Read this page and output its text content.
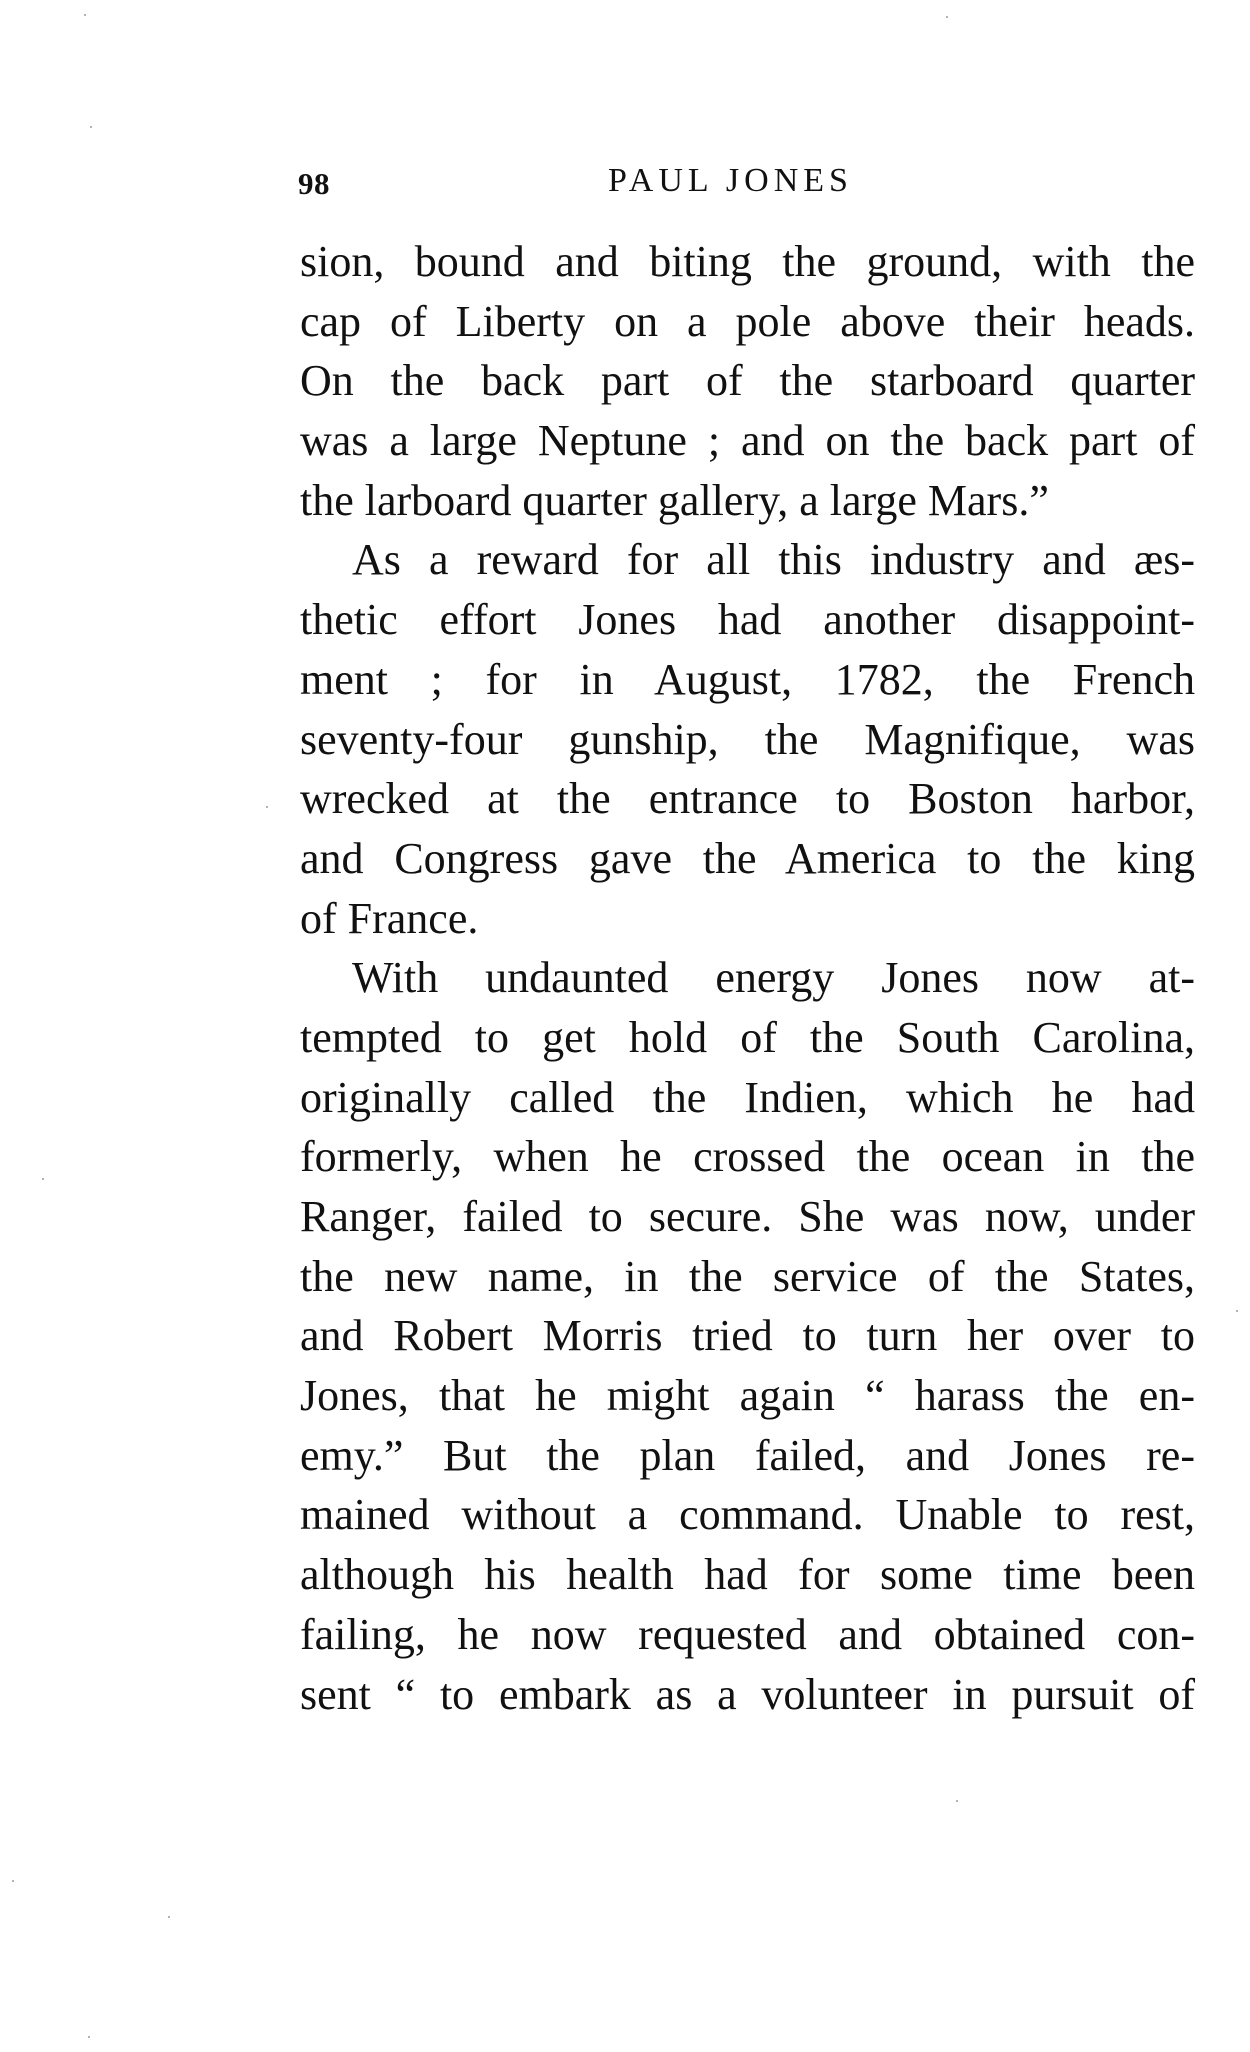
98	PAUL JONES
sion, bound and biting the ground, with the
cap of Liberty on a pole above their heads.
On the back part of the starboard quarter
was a large Neptune ; and on the back part of
the larboard quarter gallery, a large Mars.”
As a reward for all this industry and æs-
thetic effort Jones had another disappoint-
ment ; for in August, 1782, the French
seventy-four gunship, the Magnifique, was
wrecked at the entrance to Boston harbor,
and Congress gave the America to the king
of France.
With undaunted energy Jones now at-
tempted to get hold of the South Carolina,
originally called the Indien, which he had
formerly, when he crossed the ocean in the
Ranger, failed to secure. She was now, under
the new name, in the service of the States,
and Robert Morris tried to turn her over to
Jones, that he might again “ harass the en-
emy.” But the plan failed, and Jones re-
mained without a command. Unable to rest,
although his health had for some time been
failing, he now requested and obtained con-
sent “ to embark as a volunteer in pursuit of
